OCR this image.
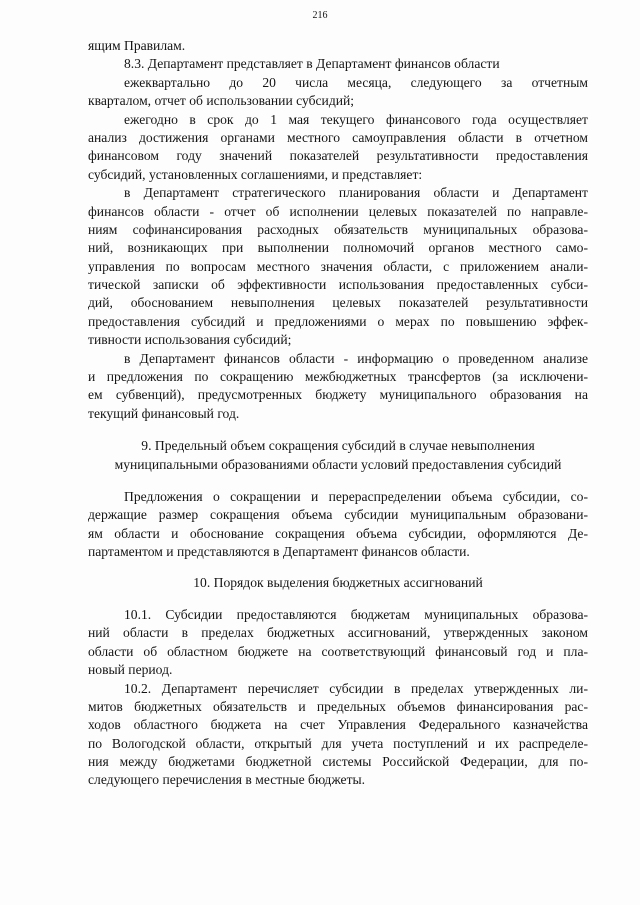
216
ящим Правилам.
8.3. Департамент представляет в Департамент финансов области
ежеквартально до 20 числа месяца, следующего за отчетным
кварталом, отчет об использовании субсидий;
ежегодно в срок до 1 мая текущего финансового года осуществляет
анализ достижения органами местного самоуправления области в отчетном
финансовом году значений показателей результативности предоставления
субсидий, установленных соглашениями, и представляет:
в Департамент стратегического планирования области и Департамент
финансов области - отчет об исполнении целевых показателей по направле-
ниям софинансирования расходных обязательств муниципальных образова-
ний, возникающих при выполнении полномочий органов местного само-
управления по вопросам местного значения области, с приложением анали-
тической записки об эффективности использования предоставленных субси-
дий, обоснованием невыполнения целевых показателей результативности
предоставления субсидий и предложениями о мерах по повышению эффек-
тивности использования субсидий;
в Департамент финансов области - информацию о проведенном анализе
и предложения по сокращению межбюджетных трансфертов (за исключени-
ем субвенций), предусмотренных бюджету муниципального образования на
текущий финансовый год.
9. Предельный объем сокращения субсидий в случае невыполнения
муниципальными образованиями области условий предоставления субсидий
Предложения о сокращении и перераспределении объема субсидии, со-
держащие размер сокращения объема субсидии муниципальным образовани-
ям области и обоснование сокращения объема субсидии, оформляются Де-
партаментом и представляются в Департамент финансов области.
10. Порядок выделения бюджетных ассигнований
10.1. Субсидии предоставляются бюджетам муниципальных образова-
ний области в пределах бюджетных ассигнований, утвержденных законом
области об областном бюджете на соответствующий финансовый год и пла-
новый период.
10.2. Департамент перечисляет субсидии в пределах утвержденных ли-
митов бюджетных обязательств и предельных объемов финансирования рас-
ходов областного бюджета на счет Управления Федерального казначейства
по Вологодской области, открытый для учета поступлений и их распределе-
ния между бюджетами бюджетной системы Российской Федерации, для по-
следующего перечисления в местные бюджеты.
